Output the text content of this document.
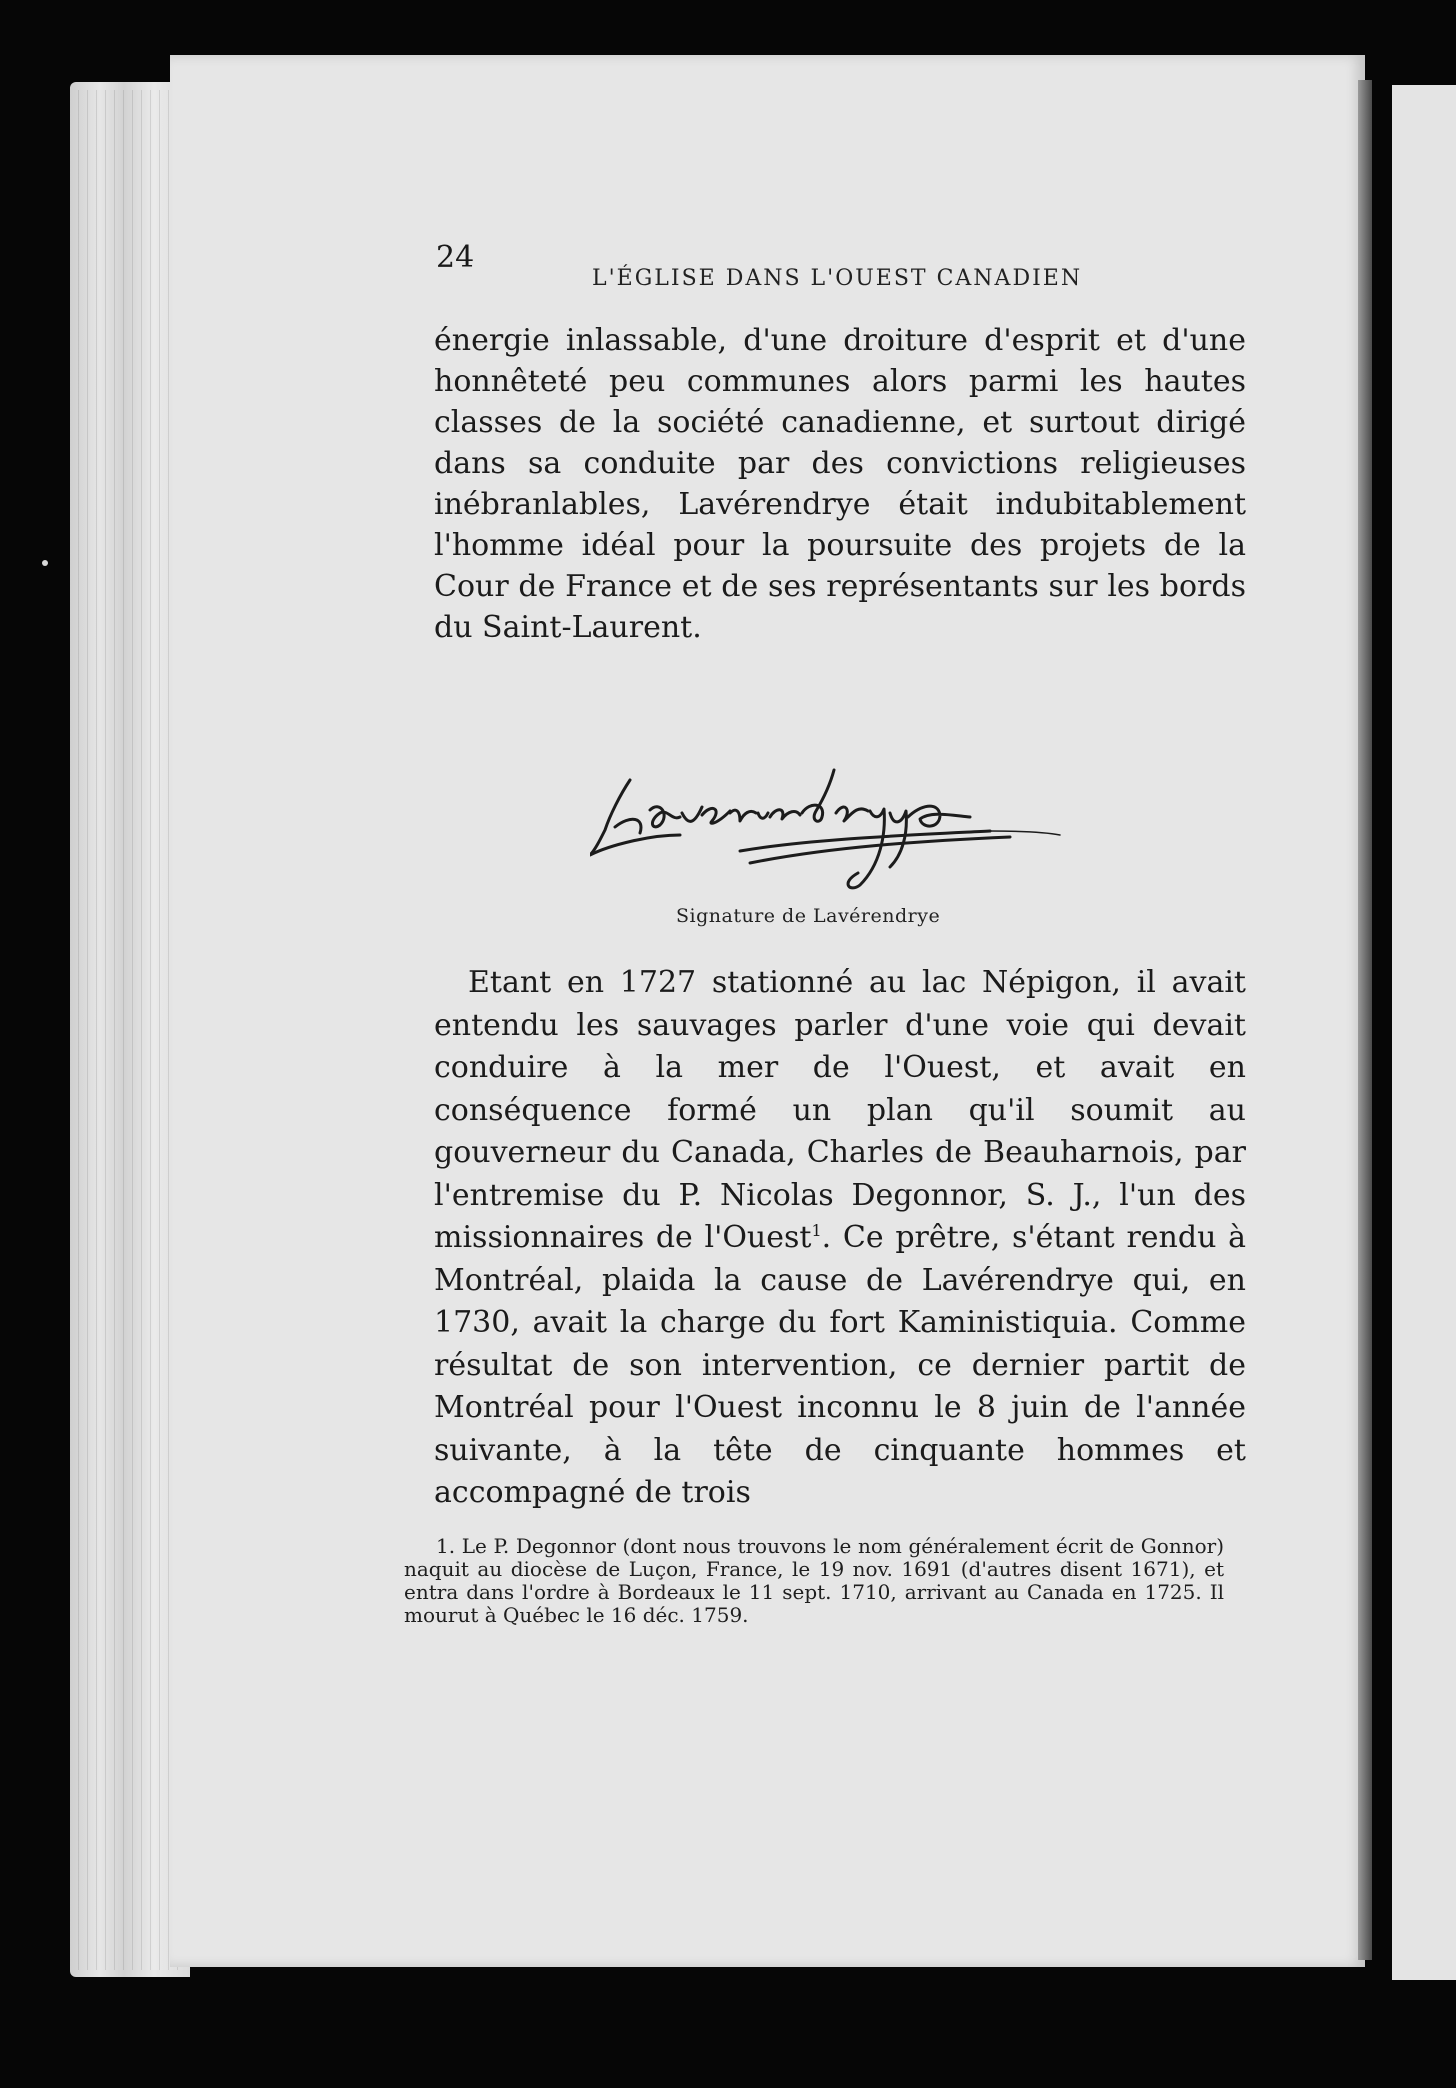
24
L'ÉGLISE DANS L'OUEST CANADIEN

énergie inlassable, d'une droiture d'esprit et d'une honnêteté peu communes alors parmi les hautes classes de la société canadienne, et surtout dirigé dans sa conduite par des convictions religieuses inébranlables, Lavérendrye était indubitablement l'homme idéal pour la poursuite des projets de la Cour de France et de ses représentants sur les bords du Saint-Laurent.

Signature de Lavérendrye

Etant en 1727 stationné au lac Népigon, il avait entendu les sauvages parler d'une voie qui devait conduire à la mer de l'Ouest, et avait en conséquence formé un plan qu'il soumit au gouverneur du Canada, Charles de Beauharnois, par l'entremise du P. Nicolas Degonnor, S. J., l'un des missionnaires de l'Ouest$^1$. Ce prêtre, s'étant rendu à Montréal, plaida la cause de Lavérendrye qui, en 1730, avait la charge du fort Kaministiquia. Comme résultat de son intervention, ce dernier partit de Montréal pour l'Ouest inconnu le 8 juin de l'année suivante, à la tête de cinquante hommes et accompagné de trois

1. Le P. Degonnor (dont nous trouvons le nom généralement écrit de Gonnor) naquit au diocèse de Luçon, France, le 19 nov. 1691 (d'autres disent 1671), et entra dans l'ordre à Bordeaux le 11 sept. 1710, arrivant au Canada en 1725. Il mourut à Québec le 16 déc. 1759.
